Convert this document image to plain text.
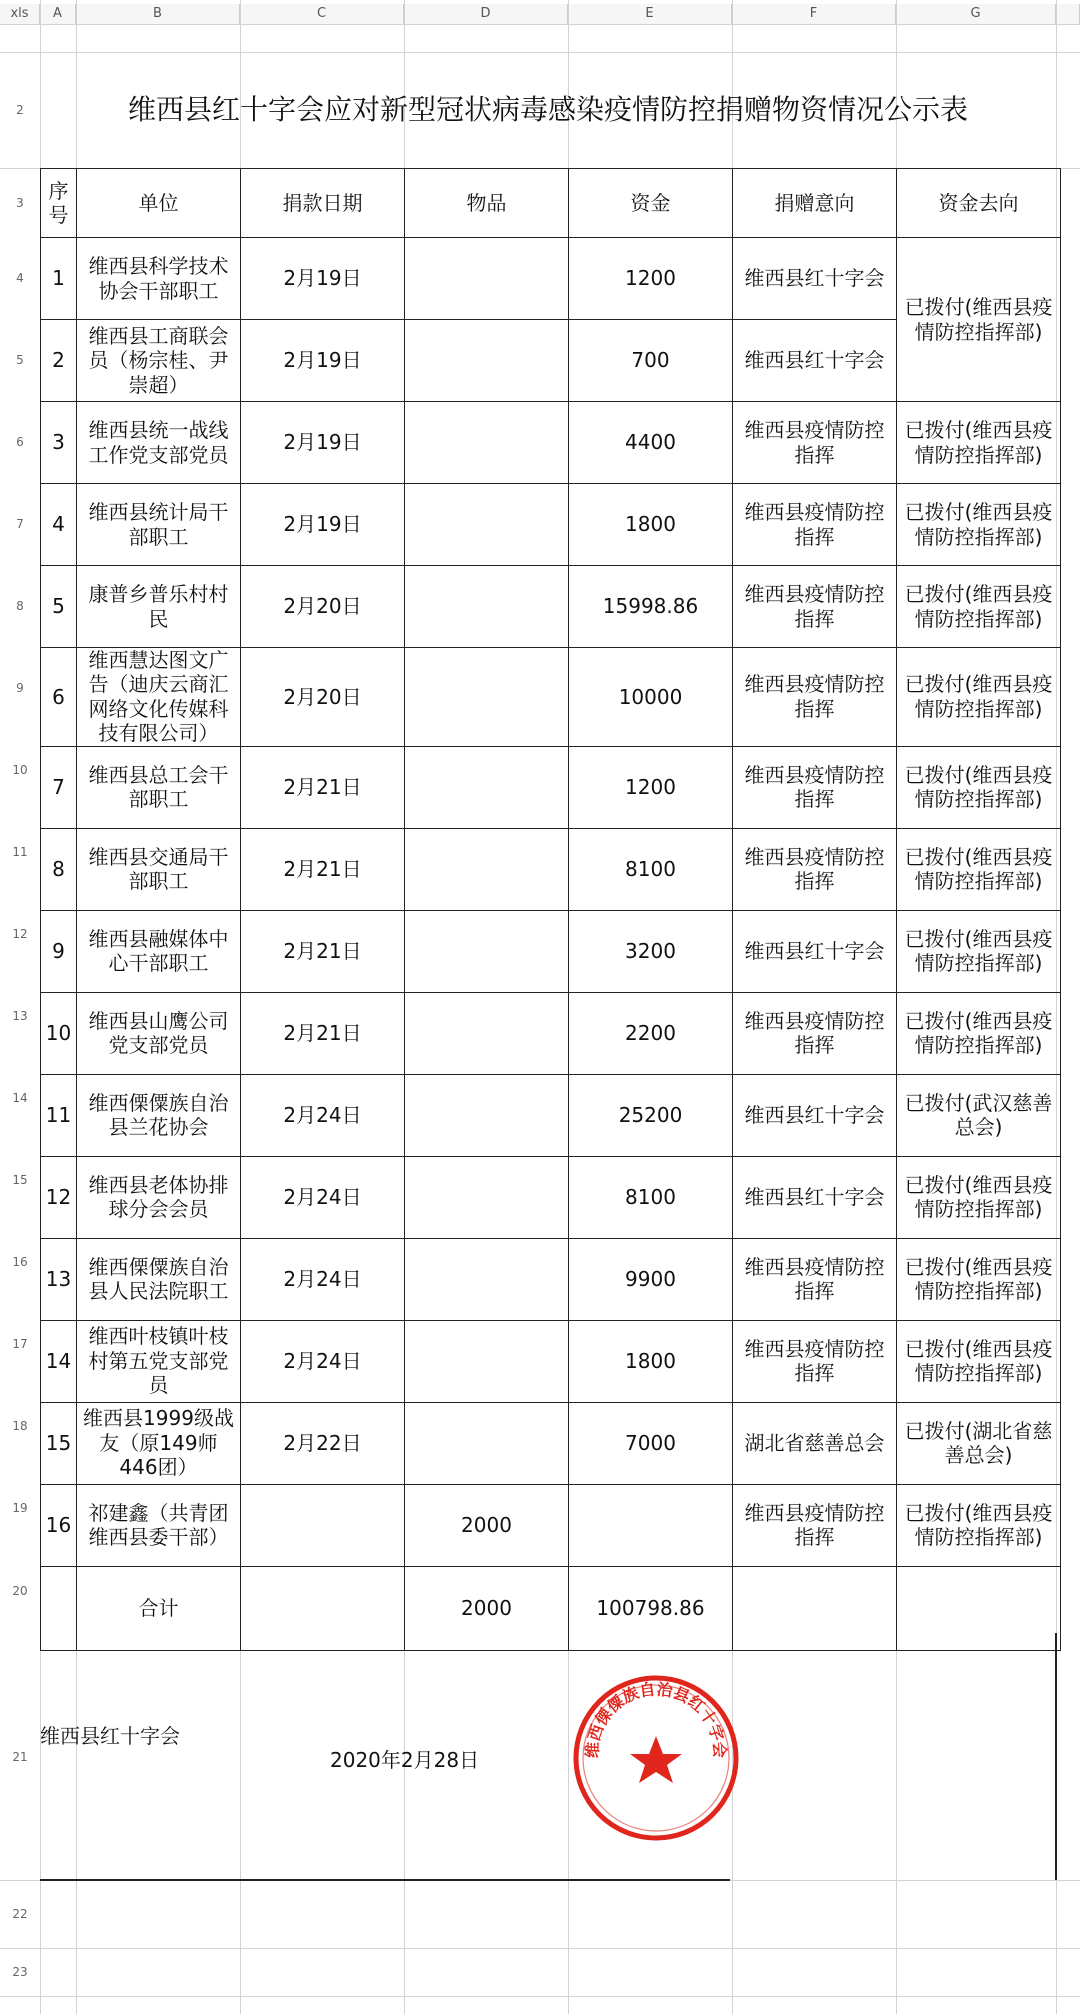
xls	A	B	C	D	E	F	G
2
3
4
5
6
7
8
9
10
11
12
13
14
15
16
17
18
19
20
21
22
23
维西县红十字会应对新型冠状病毒感染疫情防控捐赠物资情况公示表
序号	单位	捐款日期	物品	资金	捐赠意向	资金去向
1	维西县科学技术协会干部职工	2月19日		1200	维西县红十字会	已拨付(维西县疫情防控指挥部)
2	维西县工商联会员（杨宗桂、尹崇超）	2月19日		700	维西县红十字会	
3	维西县统一战线工作党支部党员	2月19日		4400	维西县疫情防控指挥	已拨付(维西县疫情防控指挥部)
4	维西县统计局干部职工	2月19日		1800	维西县疫情防控指挥	已拨付(维西县疫情防控指挥部)
5	康普乡普乐村村民	2月20日		15998.86	维西县疫情防控指挥	已拨付(维西县疫情防控指挥部)
6	维西慧达图文广告（迪庆云商汇网络文化传媒科技有限公司）	2月20日		10000	维西县疫情防控指挥	已拨付(维西县疫情防控指挥部)
7	维西县总工会干部职工	2月21日		1200	维西县疫情防控指挥	已拨付(维西县疫情防控指挥部)
8	维西县交通局干部职工	2月21日		8100	维西县疫情防控指挥	已拨付(维西县疫情防控指挥部)
9	维西县融媒体中心干部职工	2月21日		3200	维西县红十字会	已拨付(维西县疫情防控指挥部)
10	维西县山鹰公司党支部党员	2月21日		2200	维西县疫情防控指挥	已拨付(维西县疫情防控指挥部)
11	维西傈僳族自治县兰花协会	2月24日		25200	维西县红十字会	已拨付(武汉慈善总会)
12	维西县老体协排球分会会员	2月24日		8100	维西县红十字会	已拨付(维西县疫情防控指挥部)
13	维西傈僳族自治县人民法院职工	2月24日		9900	维西县疫情防控指挥	已拨付(维西县疫情防控指挥部)
14	维西叶枝镇叶枝村第五党支部党员	2月24日		1800	维西县疫情防控指挥	已拨付(维西县疫情防控指挥部)
15	维西县1999级战友（原149师446团）	2月22日		7000	湖北省慈善总会	已拨付(湖北省慈善总会)
16	祁建鑫（共青团维西县委干部）		2000		维西县疫情防控指挥	已拨付(维西县疫情防控指挥部)
	合计		2000	100798.86		
维西县红十字会
2020年2月28日	维西傈僳族自治县红十字会
